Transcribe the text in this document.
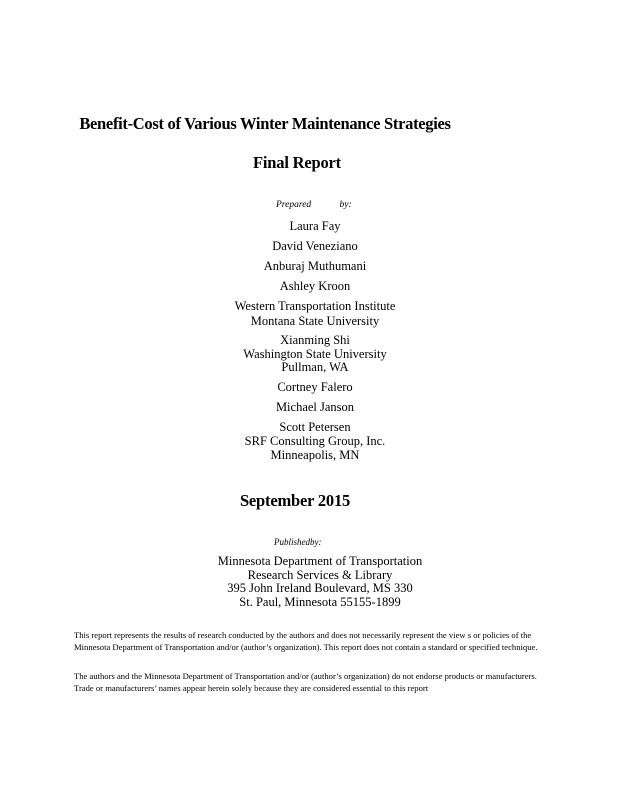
Benefit-Cost of Various Winter Maintenance Strategies
Final Report
Prepared by:
Laura Fay
David Veneziano
Anburaj Muthumani
Ashley Kroon
Western Transportation Institute
Montana State University
Xianming Shi
Washington State University
Pullman, WA
Cortney Falero
Michael Janson
Scott Petersen
SRF Consulting Group, Inc.
Minneapolis, MN
September 2015
Publishedby:
Minnesota Department of Transportation
Research Services & Library
395 John Ireland Boulevard, MS 330
St. Paul, Minnesota 55155-1899

This report represents the results of research conducted by the authors and does not necessarily represent the view s or policies of the Minnesota Department of Transportation and/or (author’s organization). This report does not contain a standard or specified technique.

The authors and the Minnesota Department of Transportation and/or (author’s organization) do not endorse products or manufacturers. Trade or manufacturers’ names appear herein solely because they are considered essential to this report
